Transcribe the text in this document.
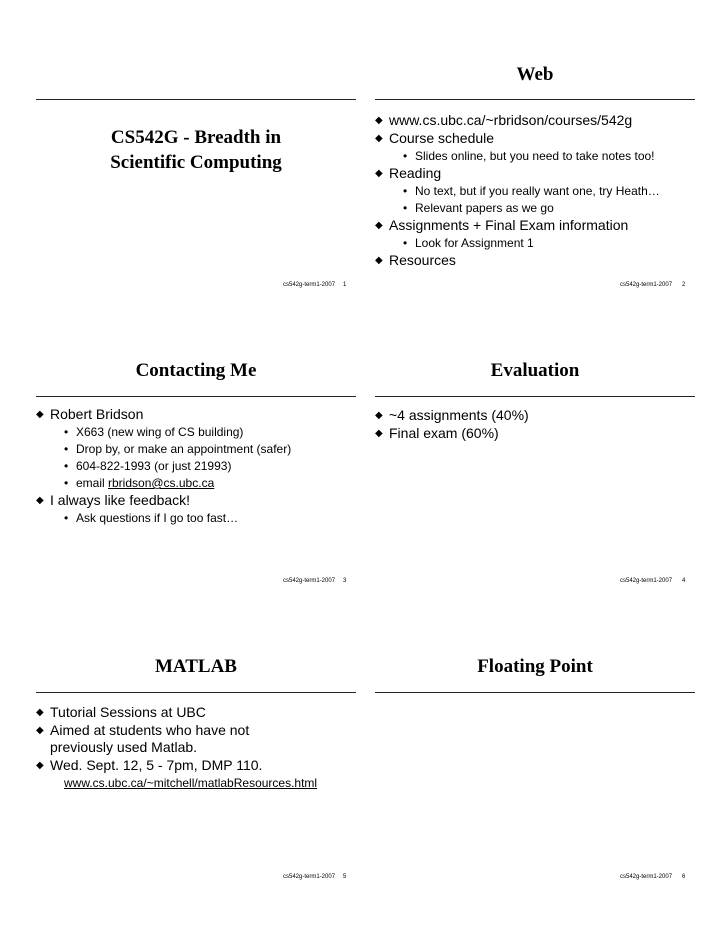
CS542G - Breadth in
Scientific Computing
cs542g-term1-2007 1
Web
◆ www.cs.ubc.ca/~rbridson/courses/542g
◆ Course schedule
• Slides online, but you need to take notes too!
◆ Reading
• No text, but if you really want one, try Heath…
• Relevant papers as we go
◆ Assignments + Final Exam information
• Look for Assignment 1
◆ Resources
cs542g-term1-2007 2
Contacting Me
◆ Robert Bridson
• X663 (new wing of CS building)
• Drop by, or make an appointment (safer)
• 604-822-1993 (or just 21993)
• email rbridson@cs.ubc.ca
◆ I always like feedback!
• Ask questions if I go too fast…
cs542g-term1-2007 3
Evaluation
◆ ~4 assignments (40%)
◆ Final exam (60%)
cs542g-term1-2007 4
MATLAB
◆ Tutorial Sessions at UBC
◆ Aimed at students who have not previously used Matlab.
◆ Wed. Sept. 12, 5 - 7pm, DMP 110.
www.cs.ubc.ca/~mitchell/matlabResources.html
cs542g-term1-2007 5
Floating Point
cs542g-term1-2007 6
